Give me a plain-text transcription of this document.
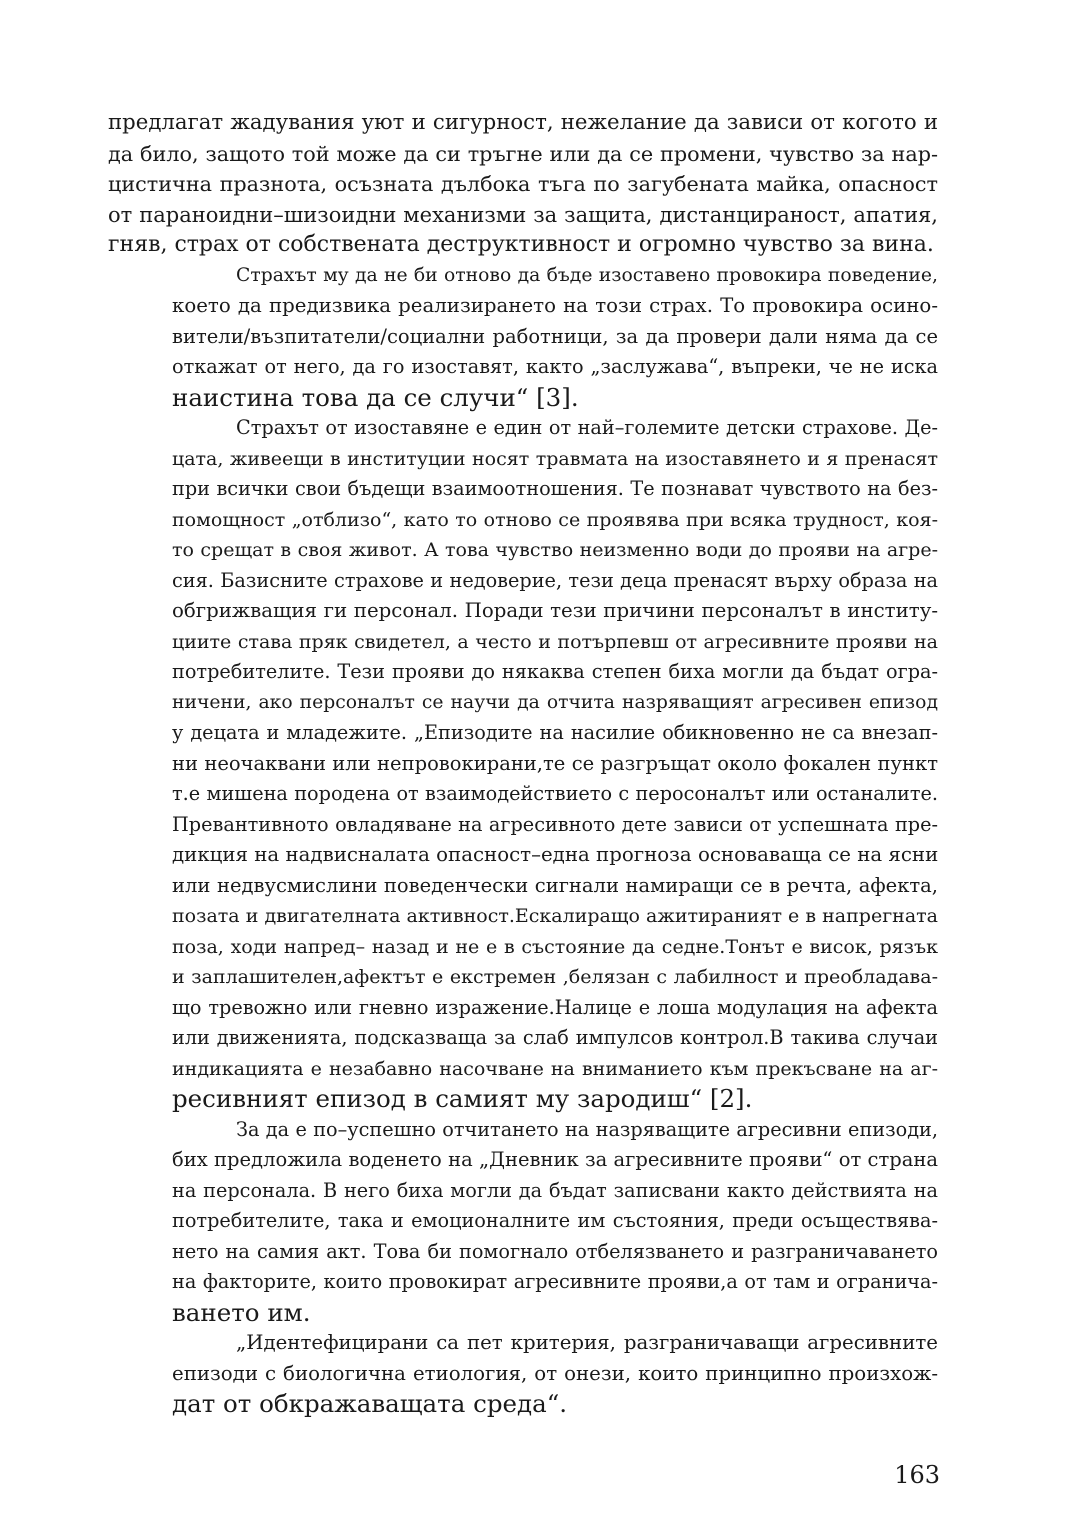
предлагат жадувания уют и сигурност, нежелание да зависи от когото и
да било, защото той може да си тръгне или да се промени, чувство за нар-
цистична празнота, осъзната дълбока тъга по загубената майка, опасност
от параноидни–шизоидни механизми за защита, дистанцираност, апатия,
гняв, страх от собствената деструктивност и огромно чувство за вина.
Страхът му да не би отново да бъде изоставено провокира поведение,
което да предизвика реализирането на този страх. То провокира осино-
вители/възпитатели/социални работници, за да провери дали няма да се
откажат от него, да го изоставят, както „заслужава“, въпреки, че не иска
наистина това да се случи“ [3].
Страхът от изоставяне е един от най–големите детски страхове. Де-
цата, живеещи в институции носят травмата на изоставянето и я пренасят
при всички свои бъдещи взаимоотношения. Те познават чувството на без-
помощност „отблизо“, като то отново се проявява при всяка трудност, коя-
то срещат в своя живот. А това чувство неизменно води до прояви на агре-
сия. Базисните страхове и недоверие, тези деца пренасят върху образа на
обгрижващия ги персонал. Поради тези причини персоналът в институ-
циите става пряк свидетел, а често и потърпевш от агресивните прояви на
потребителите. Тези прояви до някаква степен биха могли да бъдат огра-
ничени, ако персоналът се научи да отчита назряващият агресивен епизод
у децата и младежите. „Епизодите на насилие обикновенно не са внезап-
ни неочаквани или непровокирани,те се разгръщат около фокален пункт
т.е мишена породена от взаимодействието с перосоналът или останалите.
Превантивното овладяване на агресивното дете зависи от успешната пре-
дикция на надвисналата опасност–една прогноза основаваща се на ясни
или недвусмислини поведенчески сигнали намиращи се в речта, афекта,
позата и двигателната активност.Ескалиращо ажитираният е в напрегната
поза, ходи напред– назад и не е в състояние да седне.Тонът е висок, рязък
и заплашителен,афектът е екстремен ,белязан с лабилност и преобладава-
що тревожно или гневно изражение.Налице е лоша модулация на афекта
или движенията, подсказваща за слаб импулсов контрол.В такива случаи
индикацията е незабавно насочване на вниманието към прекъсване на аг-
ресивният епизод в самият му зародиш“ [2].
За да е по–успешно отчитането на назряващите агресивни епизоди,
бих предложила воденето на „Дневник за агресивните прояви“ от страна
на персонала. В него биха могли да бъдат записвани както действията на
потребителите, така и емоционалните им състояния, преди осъществява-
нето на самия акт. Това би помогнало отбелязването и разграничаването
на факторите, които провокират агресивните прояви,а от там и огранича-
ването им.
„Идентефицирани са пет критерия, разграничаващи агресивните
епизоди с биологична етиология, от онези, които принципно произхож-
дат от обкражаващата среда“.
163
